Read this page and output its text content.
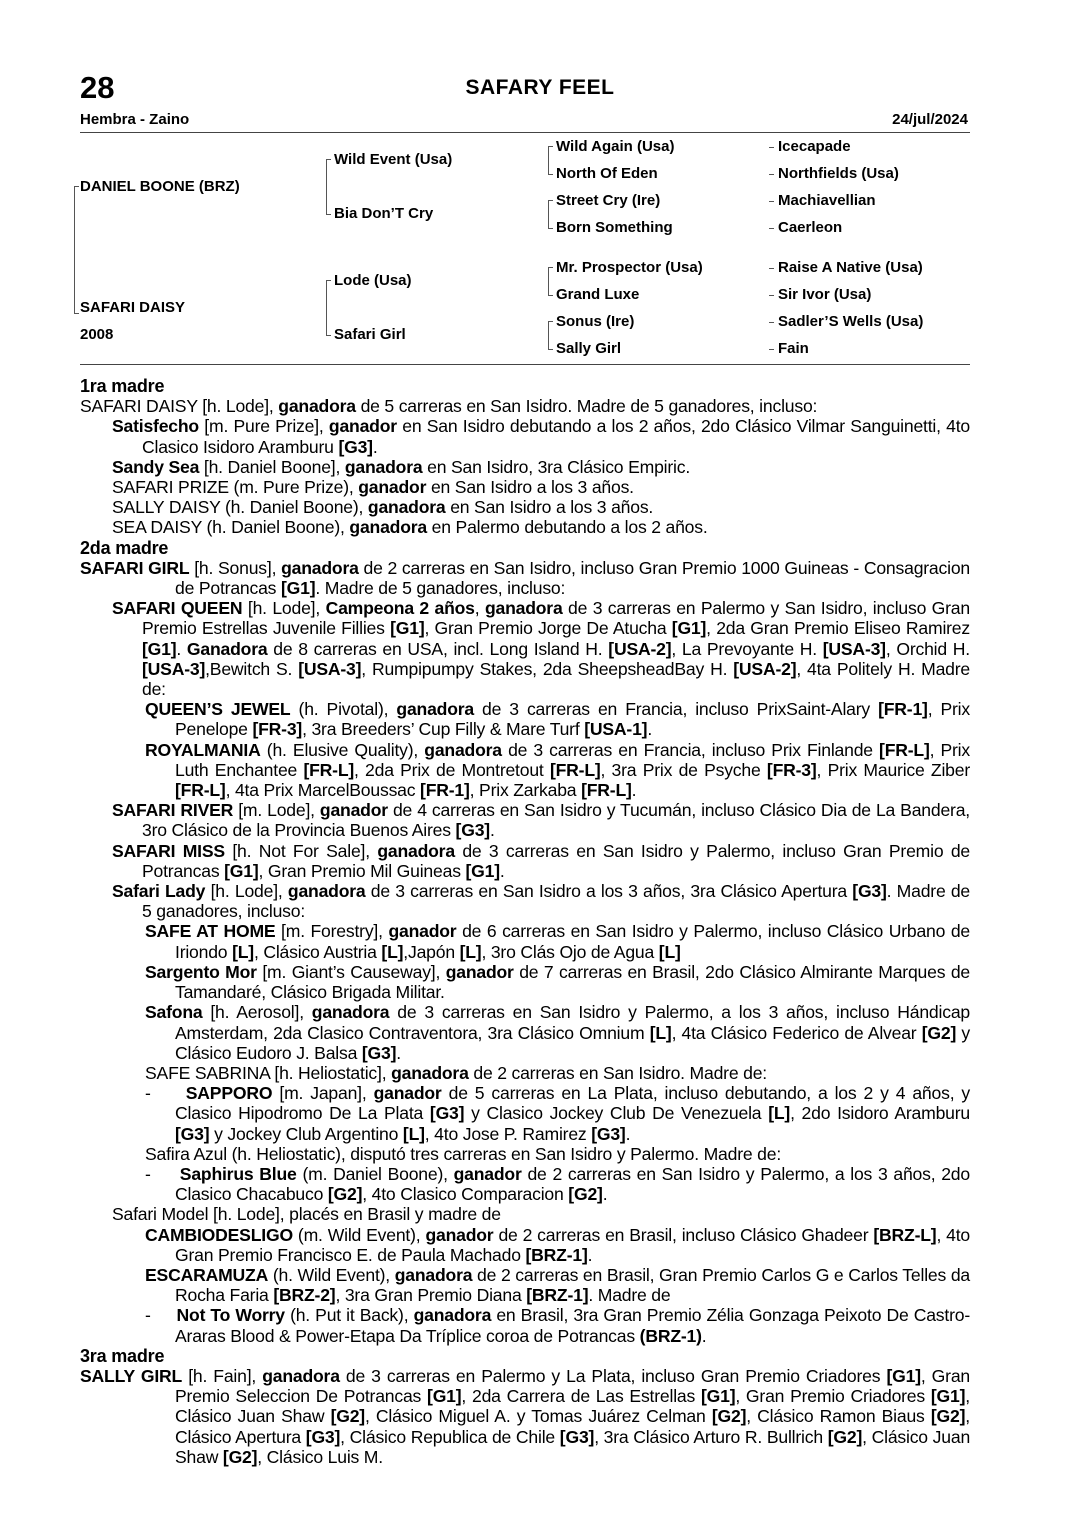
28	SAFARY FEEL
Hembra - Zaino	24/jul/2024
DANIEL BOONE (BRZ)
SAFARI DAISY
2008
Wild Event (Usa)
Bia Don’T Cry
Lode (Usa)
Safari Girl
Wild Again (Usa)
North Of Eden
Street Cry (Ire)
Born Something
Mr. Prospector (Usa)
Grand Luxe
Sonus (Ire)
Sally Girl
Icecapade
Northfields (Usa)
Machiavellian
Caerleon
Raise A Native (Usa)
Sir Ivor (Usa)
Sadler’S Wells (Usa)
Fain

1ra madre

SAFARI DAISY [h. Lode], ganadora de 5 carreras en San Isidro. Madre de 5 ganadores, incluso:

Satisfecho [m. Pure Prize], ganador en San Isidro debutando a los 2 años, 2do Clásico Vilmar Sanguinetti, 4to Clasico Isidoro Aramburu [G3].

Sandy Sea [h. Daniel Boone], ganadora en San Isidro, 3ra Clásico Empiric.

SAFARI PRIZE (m. Pure Prize), ganador en San Isidro a los 3 años.

SALLY DAISY (h. Daniel Boone), ganadora en San Isidro a los 3 años.

SEA DAISY (h. Daniel Boone), ganadora en Palermo debutando a los 2 años.

2da madre

SAFARI GIRL [h. Sonus], ganadora de 2 carreras en San Isidro, incluso Gran Premio 1000 Guineas - Consagracion de Potrancas [G1]. Madre de 5 ganadores, incluso:

SAFARI QUEEN [h. Lode], Campeona 2 años, ganadora de 3 carreras en Palermo y San Isidro, incluso Gran Premio Estrellas Juvenile Fillies [G1], Gran Premio Jorge De Atucha [G1], 2da Gran Premio Eliseo Ramirez [G1]. Ganadora de 8 carreras en USA, incl. Long Island H. [USA-2], La Prevoyante H. [USA-3], Orchid H. [USA-3],Bewitch S. [USA-3], Rumpipumpy Stakes, 2da SheepsheadBay H. [USA-2], 4ta Politely H. Madre de:

QUEEN’S JEWEL (h. Pivotal), ganadora de 3 carreras en Francia, incluso PrixSaint-Alary [FR-1], Prix Penelope [FR-3], 3ra Breeders’ Cup Filly & Mare Turf [USA-1].

ROYALMANIA (h. Elusive Quality), ganadora de 3 carreras en Francia, incluso Prix Finlande [FR-L], Prix Luth Enchantee [FR-L], 2da Prix de Montretout [FR-L], 3ra Prix de Psyche [FR-3], Prix Maurice Ziber [FR-L], 4ta Prix MarcelBoussac [FR-1], Prix Zarkaba [FR-L].

SAFARI RIVER [m. Lode], ganador de 4 carreras en San Isidro y Tucumán, incluso Clásico Dia de La Bandera, 3ro Clásico de la Provincia Buenos Aires [G3].

SAFARI MISS [h. Not For Sale], ganadora de 3 carreras en San Isidro y Palermo, incluso Gran Premio de Potrancas [G1], Gran Premio Mil Guineas [G1].

Safari Lady [h. Lode], ganadora de 3 carreras en San Isidro a los 3 años, 3ra Clásico Apertura [G3]. Madre de 5 ganadores, incluso:

SAFE AT HOME [m. Forestry], ganador de 6 carreras en San Isidro y Palermo, incluso Clásico Urbano de Iriondo [L], Clásico Austria [L],Japón [L], 3ro Clás Ojo de Agua [L]

Sargento Mor [m. Giant’s Causeway], ganador de 7 carreras en Brasil, 2do Clásico Almirante Marques de Tamandaré, Clásico Brigada Militar.

Safona [h. Aerosol], ganadora de 3 carreras en San Isidro y Palermo, a los 3 años, incluso Hándicap Amsterdam, 2da Clasico Contraventora, 3ra Clásico Omnium [L], 4ta Clásico Federico de Alvear [G2] y Clásico Eudoro J. Balsa [G3].

SAFE SABRINA [h. Heliostatic], ganadora de 2 carreras en San Isidro. Madre de:

-     SAPPORO [m. Japan], ganador de 5 carreras en La Plata, incluso debutando, a los 2 y 4 años, y Clasico Hipodromo De La Plata [G3] y Clasico Jockey Club De Venezuela [L], 2do Isidoro Aramburu [G3] y Jockey Club Argentino [L], 4to Jose P. Ramirez [G3].

Safira Azul (h. Heliostatic), disputó tres carreras en San Isidro y Palermo. Madre de:

-     Saphirus Blue (m. Daniel Boone), ganador de 2 carreras en San Isidro y Palermo, a los 3 años, 2do Clasico Chacabuco [G2], 4to Clasico Comparacion [G2].

Safari Model [h. Lode], placés en Brasil y madre de

CAMBIODESLIGO (m. Wild Event), ganador de 2 carreras en Brasil, incluso Clásico Ghadeer [BRZ-L], 4to Gran Premio Francisco E. de Paula Machado [BRZ-1].

ESCARAMUZA (h. Wild Event), ganadora de 2 carreras en Brasil, Gran Premio Carlos G e Carlos Telles da Rocha Faria [BRZ-2], 3ra Gran Premio Diana [BRZ-1]. Madre de

-     Not To Worry (h. Put it Back), ganadora en Brasil, 3ra Gran Premio Zélia Gonzaga Peixoto De Castro-Araras Blood & Power-Etapa Da Tríplice coroa de Potrancas (BRZ-1).

3ra madre

SALLY GIRL [h. Fain], ganadora de 3 carreras en Palermo y La Plata, incluso Gran Premio Criadores [G1], Gran Premio Seleccion De Potrancas [G1], 2da Carrera de Las Estrellas [G1], Gran Premio Criadores [G1], Clásico Juan Shaw [G2], Clásico Miguel A. y Tomas Juárez Celman [G2], Clásico Ramon Biaus [G2], Clásico Apertura [G3], Clásico Republica de Chile [G3], 3ra Clásico Arturo R. Bullrich [G2], Clásico Juan Shaw [G2], Clásico Luis M.
